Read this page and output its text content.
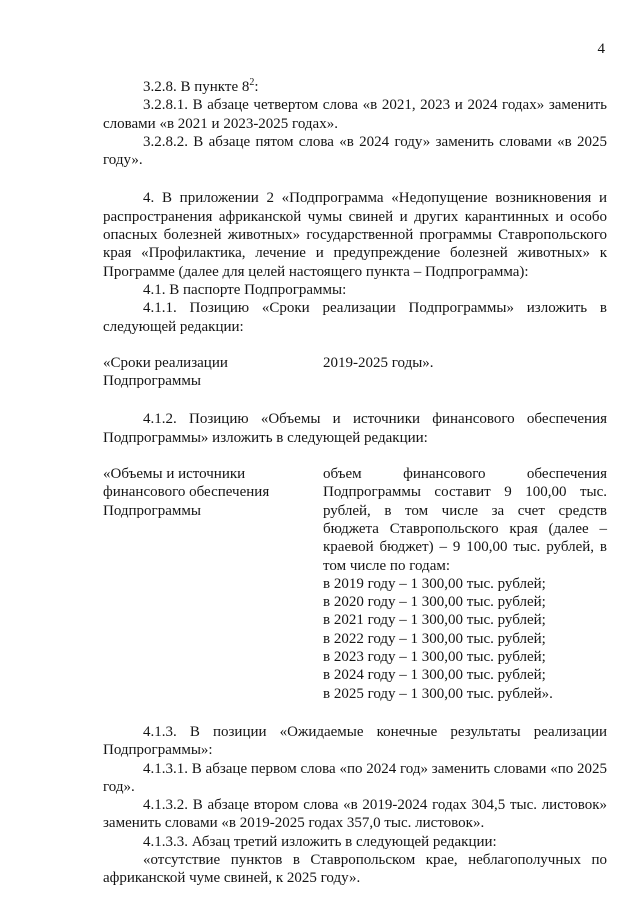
4

3.2.8. В пункте $8^2$:

3.2.8.1. В абзаце четвертом слова «в 2021, 2023 и 2024 годах» заменить словами «в 2021 и 2023-2025 годах».

3.2.8.2. В абзаце пятом слова «в 2024 году» заменить словами «в 2025 году».

4. В приложении 2 «Подпрограмма «Недопущение возникновения и распространения африканской чумы свиней и других карантинных и особо опасных болезней животных» государственной программы Ставропольского края «Профилактика, лечение и предупреждение болезней животных» к Программе (далее для целей настоящего пункта – Подпрограмма):

4.1. В паспорте Подпрограммы:

4.1.1. Позицию «Сроки реализации Подпрограммы» изложить в следующей редакции:

«Сроки реализации Подпрограммы
2019-2025 годы».

4.1.2. Позицию «Объемы и источники финансового обеспечения Подпрограммы» изложить в следующей редакции:

«Объемы и источники финансового обеспечения Подпрограммы

объем финансового обеспечения Подпрограммы составит 9 100,00 тыс. рублей, в том числе за счет средств бюджета Ставропольского края (далее – краевой бюджет) – 9 100,00 тыс. рублей, в том числе по годам:

в 2019 году – 1 300,00 тыс. рублей;
в 2020 году – 1 300,00 тыс. рублей;
в 2021 году – 1 300,00 тыс. рублей;
в 2022 году – 1 300,00 тыс. рублей;
в 2023 году – 1 300,00 тыс. рублей;
в 2024 году – 1 300,00 тыс. рублей;
в 2025 году – 1 300,00 тыс. рублей».

4.1.3. В позиции «Ожидаемые конечные результаты реализации Подпрограммы»:

4.1.3.1. В абзаце первом слова «по 2024 год» заменить словами «по 2025 год».

4.1.3.2. В абзаце втором слова «в 2019-2024 годах 304,5 тыс. листовок» заменить словами «в 2019-2025 годах 357,0 тыс. листовок».

4.1.3.3. Абзац третий изложить в следующей редакции:

«отсутствие пунктов в Ставропольском крае, неблагополучных по африканской чуме свиней, к 2025 году».
